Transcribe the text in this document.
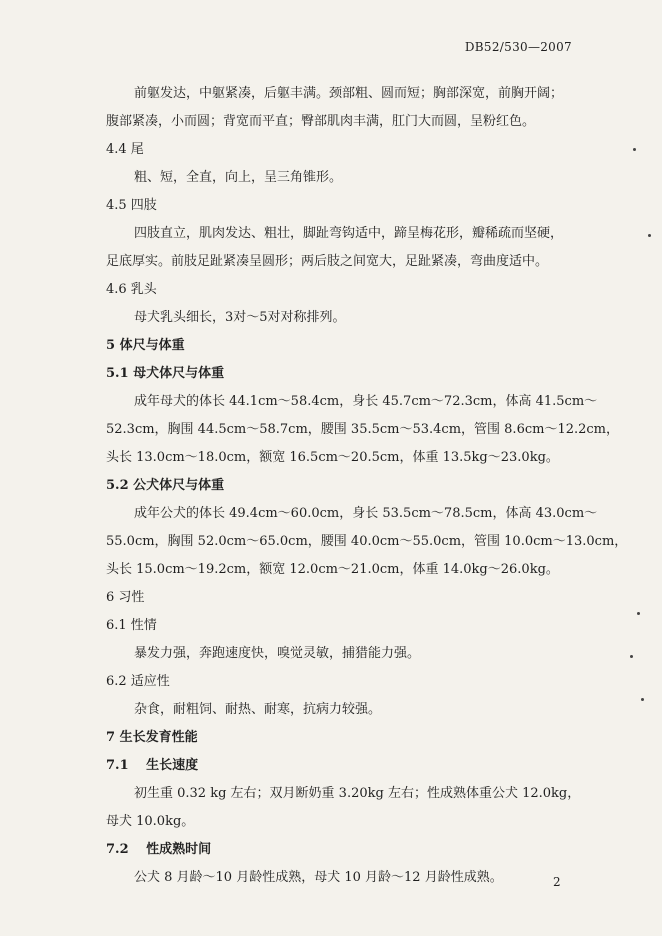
DB52/530—2007
前躯发达，中躯紧凑，后躯丰满。颈部粗、圆而短；胸部深宽，前胸开阔；
腹部紧凑，小而圆；背宽而平直；臀部肌肉丰满，肛门大而圆，呈粉红色。
4.4 尾
粗、短，全直，向上，呈三角锥形。
4.5 四肢
四肢直立，肌肉发达、粗壮，脚趾弯钩适中，蹄呈梅花形，瓣稀疏而坚硬，
足底厚实。前肢足趾紧凑呈圆形；两后肢之间宽大，足趾紧凑，弯曲度适中。
4.6 乳头
母犬乳头细长，3对～5对对称排列。
5 体尺与体重
5.1 母犬体尺与体重
成年母犬的体长 44.1cm～58.4cm，身长 45.7cm～72.3cm，体高 41.5cm～
52.3cm，胸围 44.5cm～58.7cm，腰围 35.5cm～53.4cm，管围 8.6cm～12.2cm，
头长 13.0cm～18.0cm，额宽 16.5cm～20.5cm，体重 13.5kg～23.0kg。
5.2 公犬体尺与体重
成年公犬的体长 49.4cm～60.0cm，身长 53.5cm～78.5cm，体高 43.0cm～
55.0cm，胸围 52.0cm～65.0cm，腰围 40.0cm～55.0cm，管围 10.0cm～13.0cm，
头长 15.0cm～19.2cm，额宽 12.0cm～21.0cm，体重 14.0kg～26.0kg。
6 习性
6.1 性情
暴发力强，奔跑速度快，嗅觉灵敏，捕猎能力强。
6.2 适应性
杂食，耐粗饲、耐热、耐寒，抗病力较强。
7 生长发育性能
7.1　 生长速度
初生重 0.32 kg 左右；双月断奶重 3.20kg 左右；性成熟体重公犬 12.0kg，
母犬 10.0kg。
7.2　 性成熟时间
公犬 8 月龄～10 月龄性成熟，母犬 10 月龄～12 月龄性成熟。	2
